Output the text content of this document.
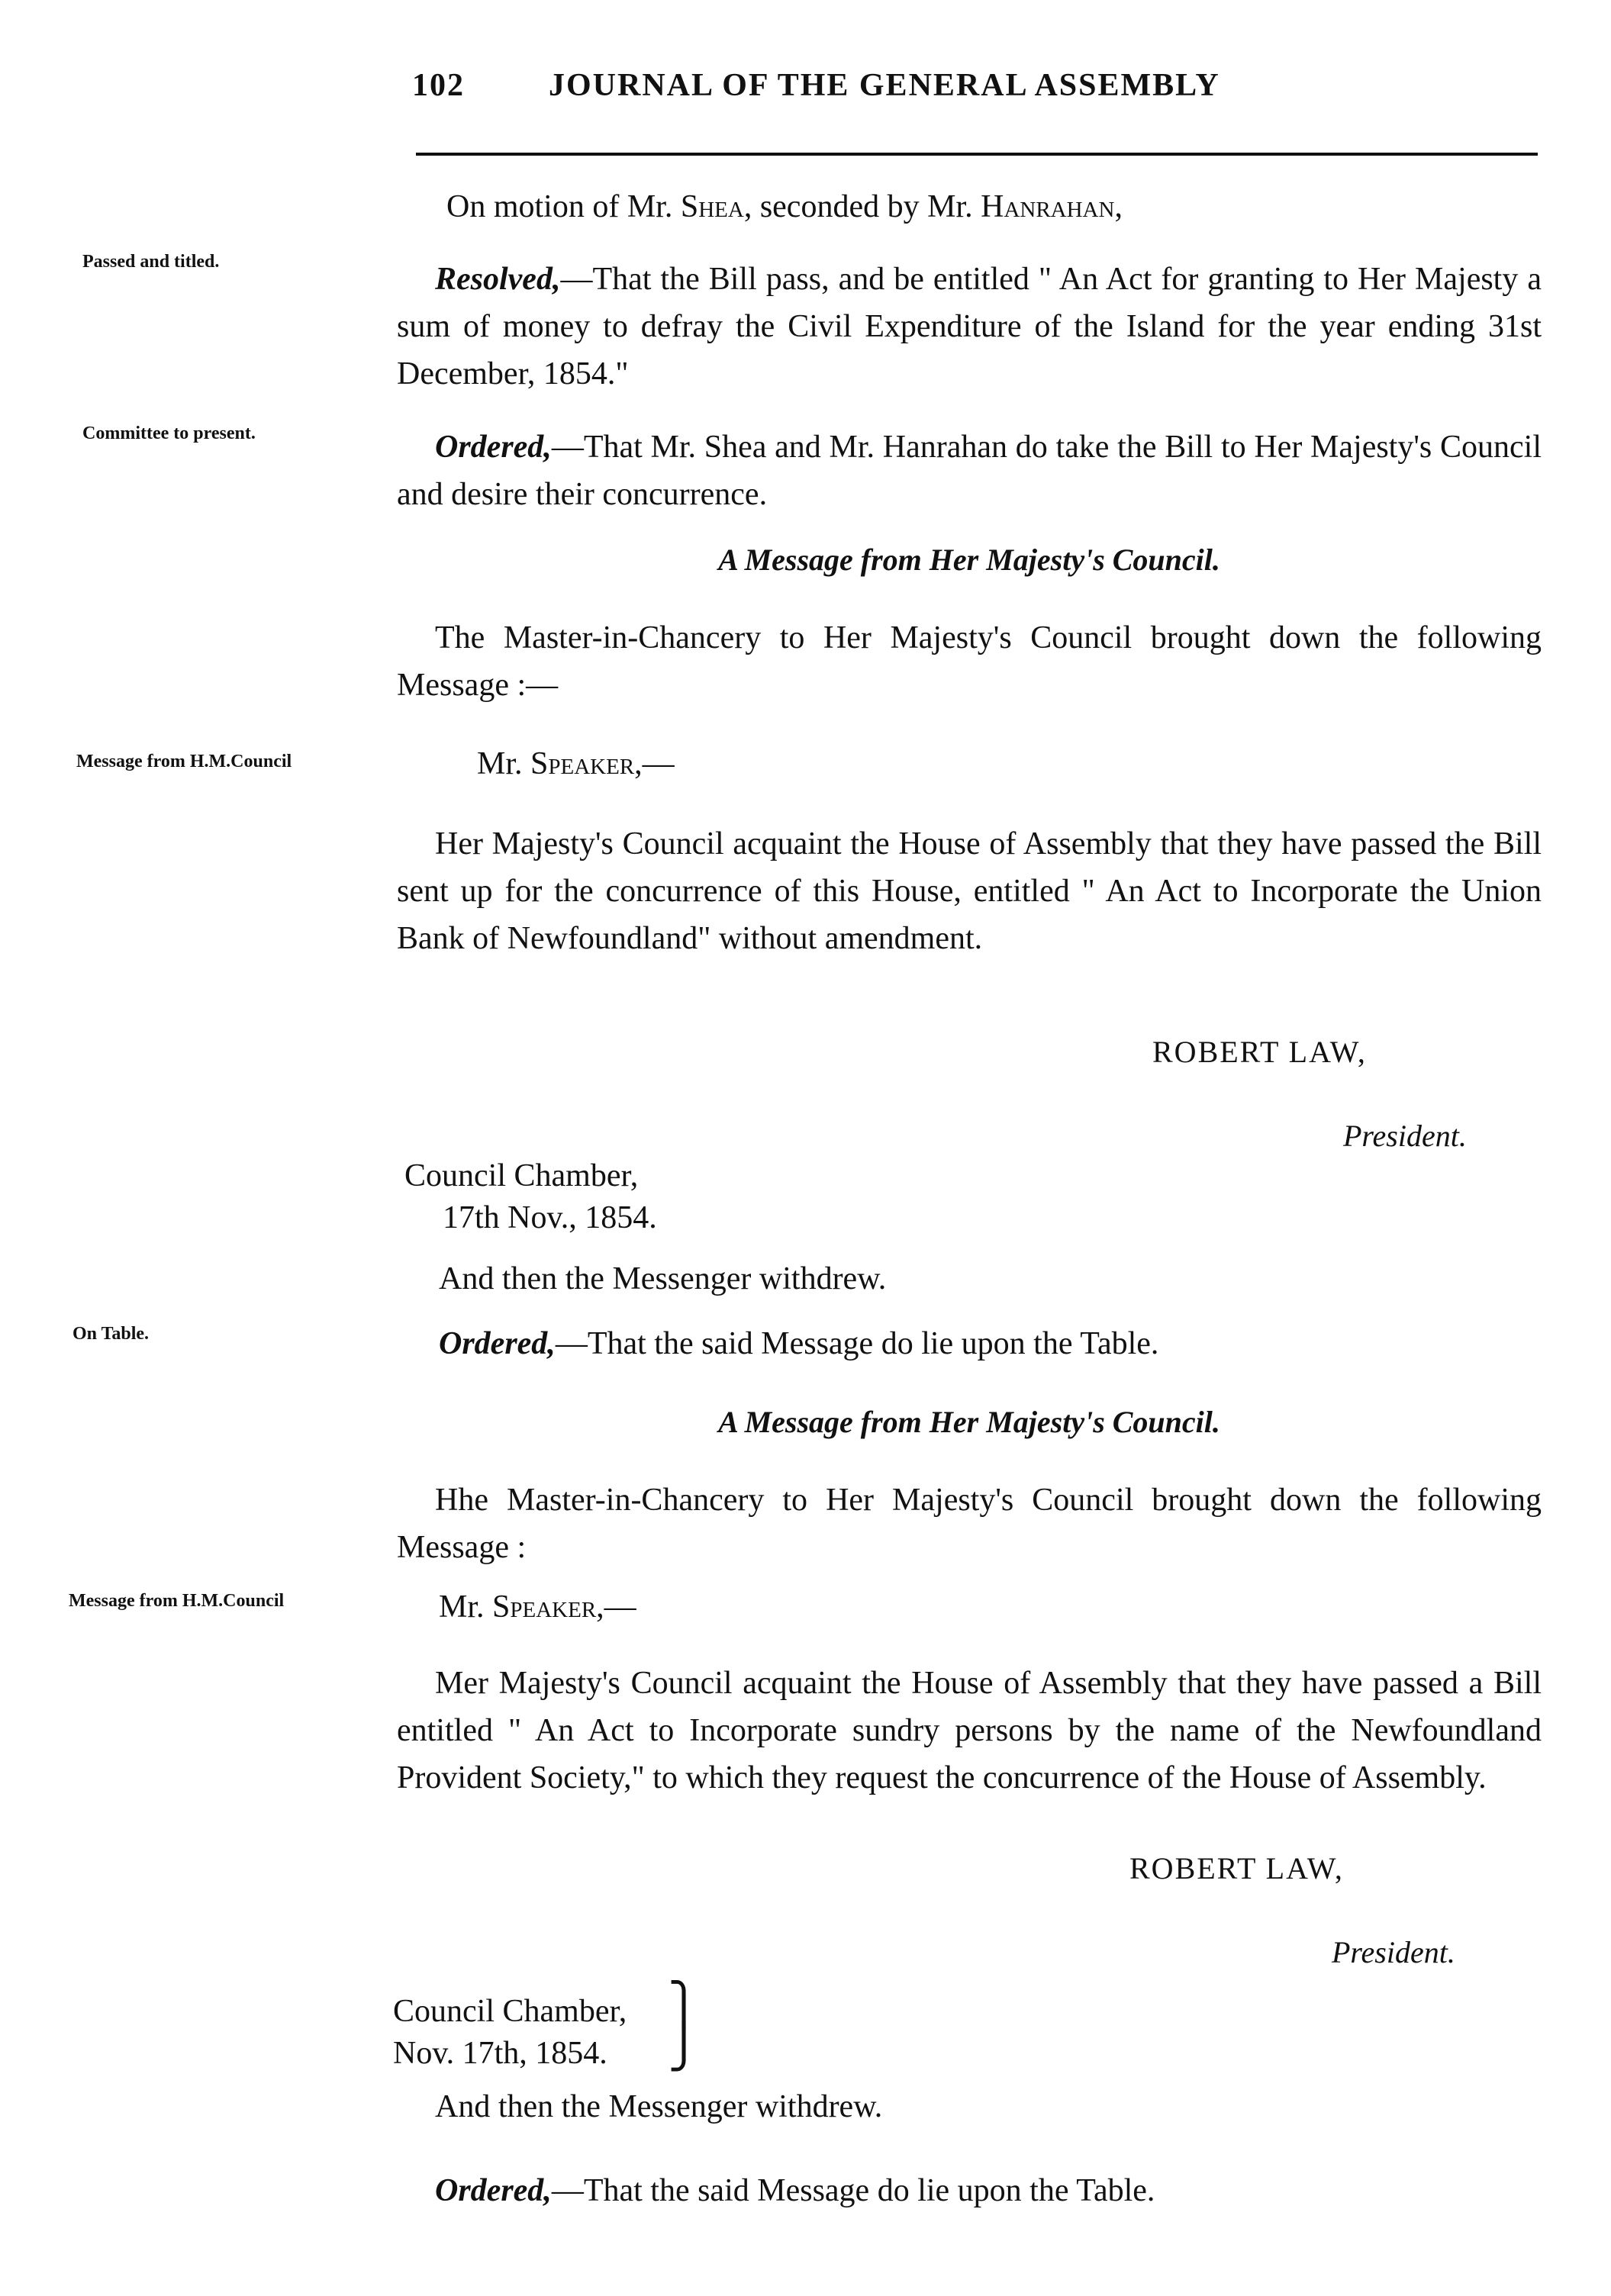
102	JOURNAL OF THE GENERAL ASSEMBLY
Passed and titled.
Committee to present.
Message from H.M.Council
On Table.
Message from H.M.Council
On motion of Mr. Shea, seconded by Mr. Hanrahan,
Resolved,—That the Bill pass, and be entitled " An Act for granting to Her Majesty a sum of money to defray the Civil Expenditure of the Island for the year ending 31st December, 1854."
Ordered,—That Mr. Shea and Mr. Hanrahan do take the Bill to Her Majesty's Council and desire their concurrence.
A Message from Her Majesty's Council.
The Master-in-Chancery to Her Majesty's Council brought down the following Message :—
Mr. Speaker,—
Her Majesty's Council acquaint the House of Assembly that they have passed the Bill sent up for the concurrence of this House, entitled " An Act to Incorporate the Union Bank of Newfoundland" without amendment.
ROBERT LAW,
President.
Council Chamber,
17th Nov., 1854.
And then the Messenger withdrew.
Ordered,—That the said Message do lie upon the Table.
A Message from Her Majesty's Council.
Hhe Master-in-Chancery to Her Majesty's Council brought down the following Message :
Mr. Speaker,—
Mer Majesty's Council acquaint the House of Assembly that they have passed a Bill entitled " An Act to Incorporate sundry persons by the name of the Newfoundland Provident Society," to which they request the concurrence of the House of Assembly.
ROBERT LAW,
President.
Council Chamber,
Nov. 17th, 1854.
⎫
⎭
And then the Messenger withdrew.
Ordered,—That the said Message do lie upon the Table.
